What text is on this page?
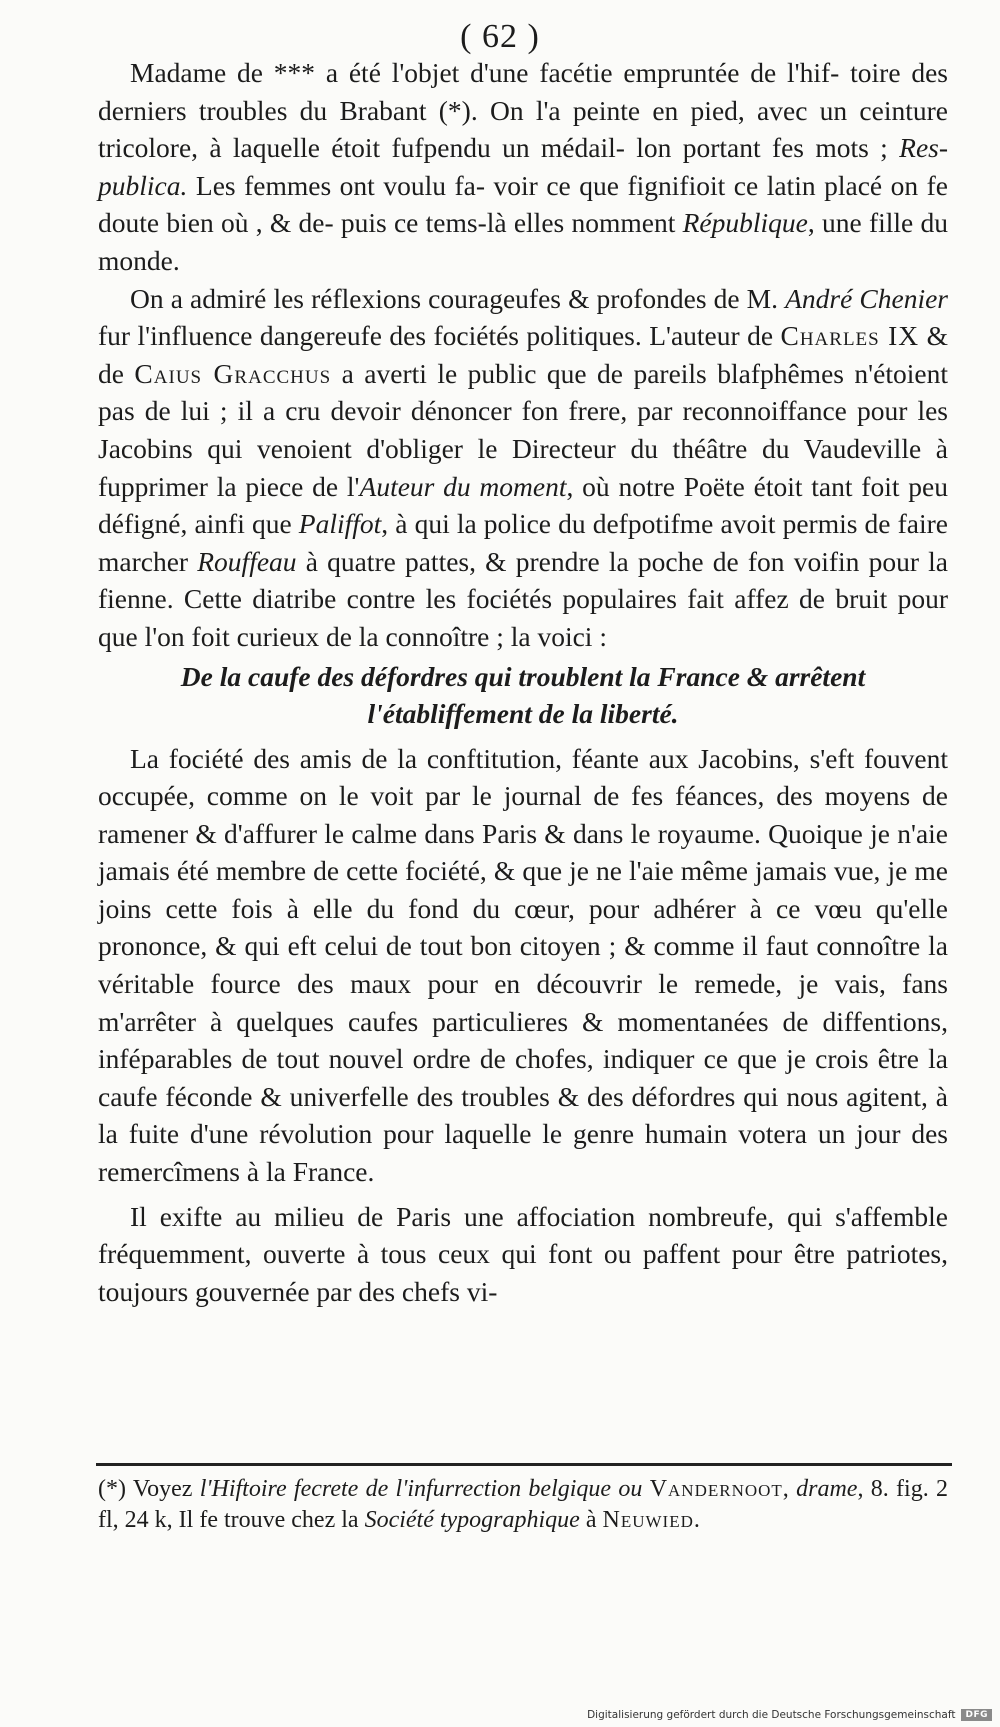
( 62 )

Madame de *** a été l'objet d'une facétie empruntée de l'hif- toire des derniers troubles du Brabant (*). On l'a peinte en pied, avec un ceinture tricolore, à laquelle étoit fufpendu un médail- lon portant fes mots ; Res-publica. Les femmes ont voulu fa- voir ce que fignifioit ce latin placé on fe doute bien où , & de- puis ce tems-là elles nomment République, une fille du monde.

On a admiré les réflexions courageufes & profondes de M. André Chenier fur l'influence dangereufe des fociétés politiques. L'auteur de Charles IX & de Caius Gracchus a averti le public que de pareils blafphêmes n'étoient pas de lui ; il a cru devoir dénoncer fon frere, par reconnoiffance pour les Jacobins qui venoient d'obliger le Directeur du théâtre du Vaudeville à fupprimer la piece de l'Auteur du moment, où notre Poëte étoit tant foit peu défigné, ainfi que Paliffot, à qui la police du defpotifme avoit permis de faire marcher Rouffeau à quatre pattes, & prendre la poche de fon voifin pour la fienne. Cette diatribe contre les fociétés populaires fait affez de bruit pour que l'on foit curieux de la connoître ; la voici :

De la caufe des défordres qui troublent la France & arrêtent
l'établiffement de la liberté.

La fociété des amis de la conftitution, féante aux Jacobins, s'eft fouvent occupée, comme on le voit par le journal de fes féances, des moyens de ramener & d'affurer le calme dans Paris & dans le royaume. Quoique je n'aie jamais été membre de cette fociété, & que je ne l'aie même jamais vue, je me joins cette fois à elle du fond du cœur, pour adhérer à ce vœu qu'elle prononce, & qui eft celui de tout bon citoyen ; & comme il faut connoître la véritable fource des maux pour en découvrir le remede, je vais, fans m'arrêter à quelques caufes particulieres & momentanées de diffentions, inféparables de tout nouvel ordre de chofes, indiquer ce que je crois être la caufe féconde & univerfelle des troubles & des défordres qui nous agitent, à la fuite d'une révolution pour laquelle le genre humain votera un jour des remercîmens à la France.

Il exifte au milieu de Paris une affociation nombreufe, qui s'affemble fréquemment, ouverte à tous ceux qui font ou paffent pour être patriotes, toujours gouvernée par des chefs vi-

(*) Voyez l'Hiftoire fecrete de l'infurrection belgique ou Vandernoot, drame, 8. fig. 2 fl, 24 k, Il fe trouve chez la Société typographique à Neuwied.

Digitalisierung gefördert durch die Deutsche Forschungsgemeinschaft	DFG
